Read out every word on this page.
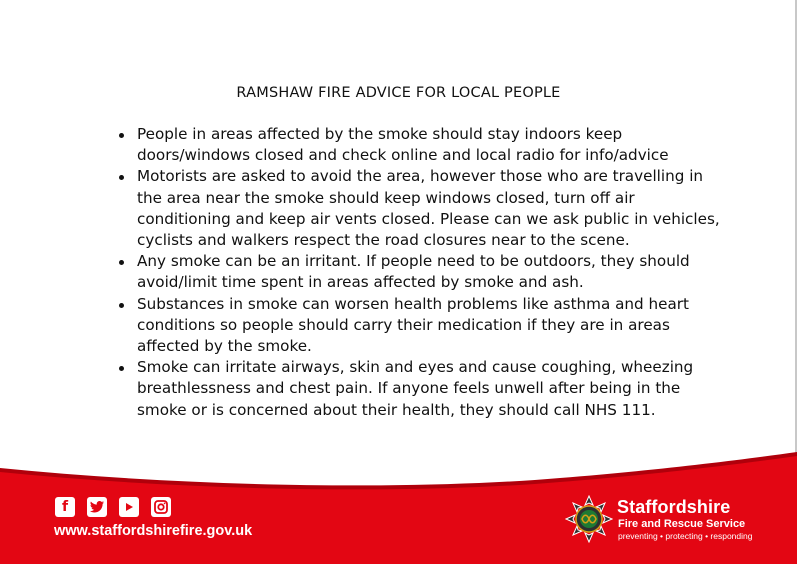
RAMSHAW FIRE ADVICE FOR LOCAL PEOPLE
People in areas affected by the smoke should stay indoors keep doors/windows closed and check online and local radio for info/advice
Motorists are asked to avoid the area, however those who are travelling in the area near the smoke should keep windows closed, turn off air conditioning and keep air vents closed. Please can we ask public in vehicles, cyclists and walkers respect the road closures near to the scene.
Any smoke can be an irritant. If people need to be outdoors, they should avoid/limit time spent in areas affected by smoke and ash.
Substances in smoke can worsen health problems like asthma and heart conditions so people should carry their medication if they are in areas affected by the smoke.
Smoke can irritate airways, skin and eyes and cause coughing, wheezing breathlessness and chest pain. If anyone feels unwell after being in the smoke or is concerned about their health, they should call NHS 111.
f
www.staffordshirefire.gov.uk
Staffordshire
Fire and Rescue Service
preventing • protecting • responding
